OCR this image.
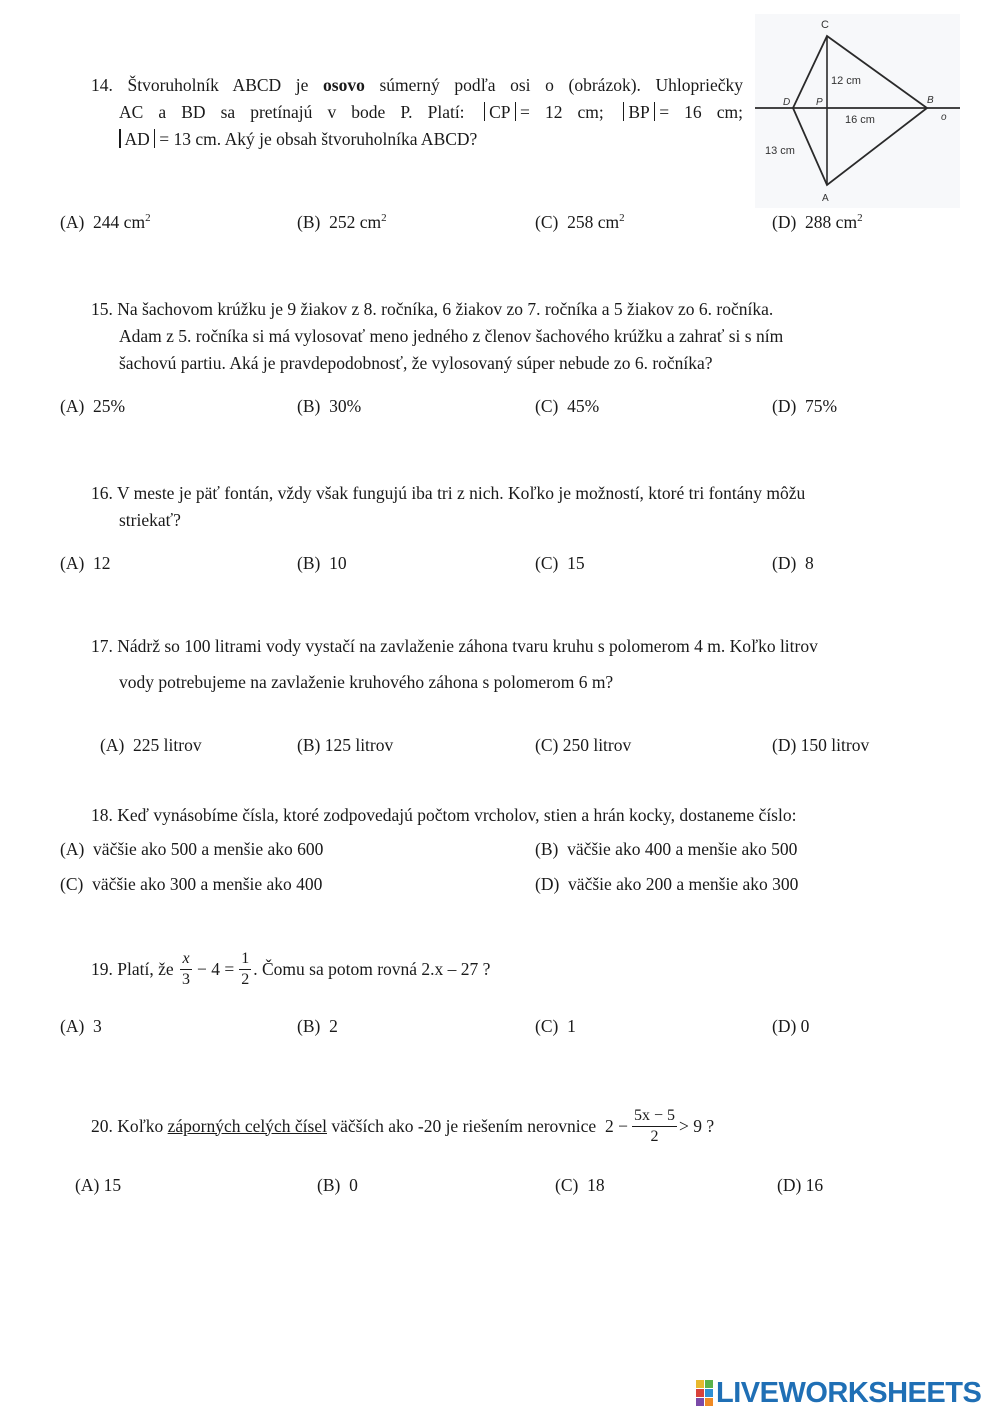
14. Štvoruholník ABCD je osovo súmerný podľa osi o (obrázok). Uhlopriečky
AC a BD sa pretínajú v bode P. Platí: CP = 12 cm; BP = 16 cm;
AD = 13 cm. Aký je obsah štvoruholníka ABCD?
C
D	P	B
A
o
12 cm
16 cm
13 cm
(A) 244 $cm^2$	(B) 252 $cm^2$	(C) 258 $cm^2$	(D) 288 $cm^2$
15. Na šachovom krúžku je 9 žiakov z 8. ročníka, 6 žiakov zo 7. ročníka a 5 žiakov zo 6. ročníka.
Adam z 5. ročníka si má vylosovať meno jedného z členov šachového krúžku a zahrať si s ním
šachovú partiu. Aká je pravdepodobnosť, že vylosovaný súper nebude zo 6. ročníka?
(A) 25%	(B) 30%	(C) 45%	(D) 75%
16. V meste je päť fontán, vždy však fungujú iba tri z nich. Koľko je možností, ktoré tri fontány môžu
striekať?
(A) 12	(B) 10	(C) 15	(D) 8
17. Nádrž so 100 litrami vody vystačí na zavlaženie záhona tvaru kruhu s polomerom 4 m. Koľko litrov
vody potrebujeme na zavlaženie kruhového záhona s polomerom 6 m?
(A) 225 litrov	(B) 125 litrov	(C) 250 litrov	(D) 150 litrov
18. Keď vynásobíme čísla, ktoré zodpovedajú počtom vrcholov, stien a hrán kocky, dostaneme číslo:
(A) väčšie ako 500 a menšie ako 600	(B) väčšie ako 400 a menšie ako 500
(C) väčšie ako 300 a menšie ako 400	(D) väčšie ako 200 a menšie ako 300
19.
Platí, že
$\frac{x}{3} - 4 = \frac{1}{2}$ . Čomu sa potom rovná 2.x – 27 ?
(A) 3	(B) 2	(C) 1	(D) 0
20.
Koľko
záporných celých čísel
väčších ako -20 je riešením nerovnice
$2 - \frac{5x - 5}{2} > 9$ ?
(A) 15	(B) 0	(C) 18	(D) 16
LIVEWORKSHEETS
